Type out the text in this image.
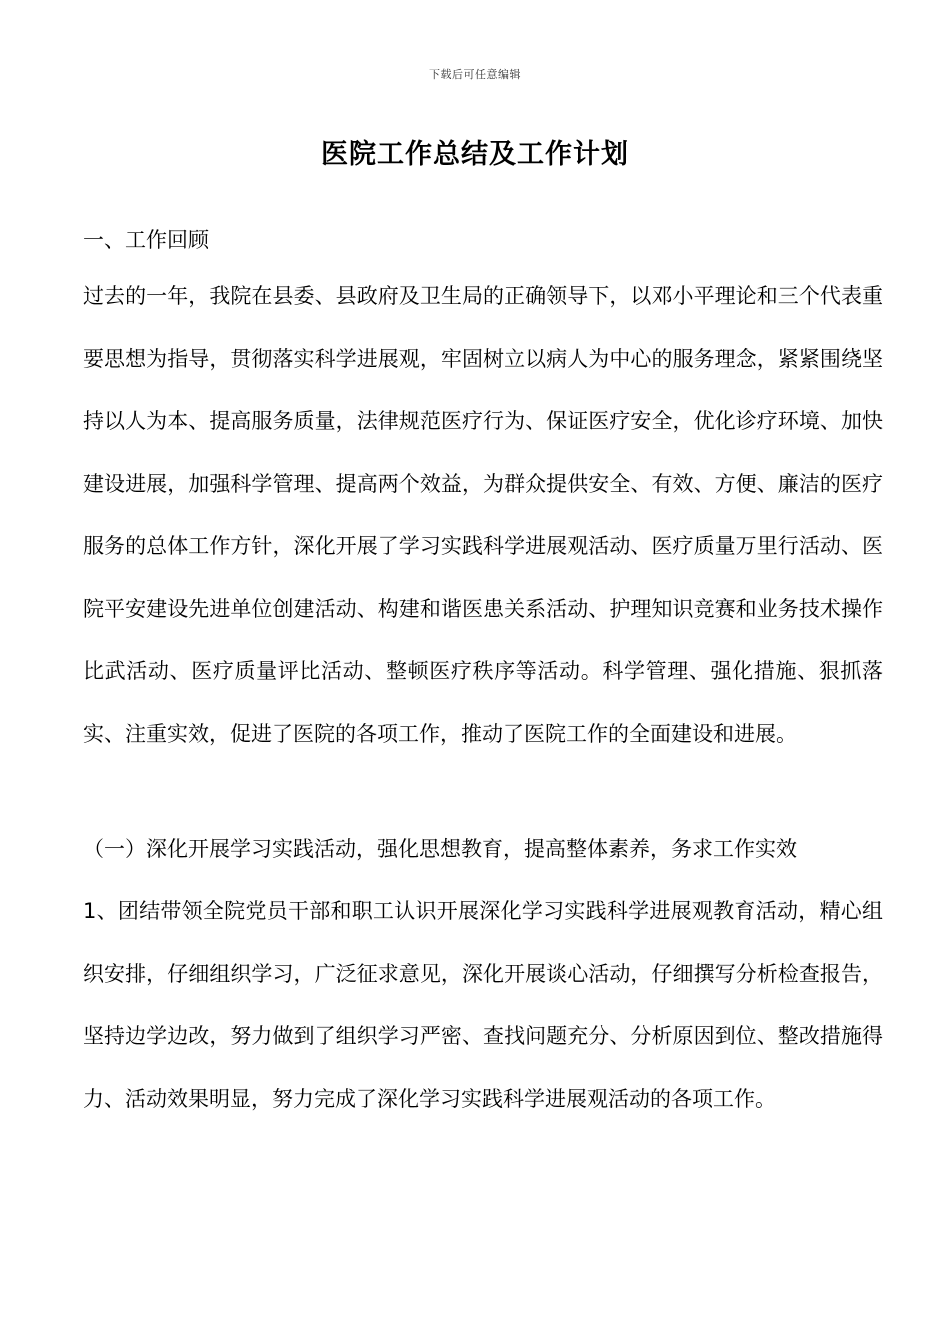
下载后可任意编辑
医院工作总结及工作计划
一、工作回顾
过去的一年，我院在县委、县政府及卫生局的正确领导下，以邓小平理论和三个代表重要思想为指导，贯彻落实科学进展观，牢固树立以病人为中心的服务理念，紧紧围绕坚持以人为本、提高服务质量，法律规范医疗行为、保证医疗安全，优化诊疗环境、加快建设进展，加强科学管理、提高两个效益，为群众提供安全、有效、方便、廉洁的医疗服务的总体工作方针，深化开展了学习实践科学进展观活动、医疗质量万里行活动、医院平安建设先进单位创建活动、构建和谐医患关系活动、护理知识竞赛和业务技术操作比武活动、医疗质量评比活动、整顿医疗秩序等活动。科学管理、强化措施、狠抓落实、注重实效，促进了医院的各项工作，推动了医院工作的全面建设和进展。
（一）深化开展学习实践活动，强化思想教育，提高整体素养，务求工作实效
1、团结带领全院党员干部和职工认识开展深化学习实践科学进展观教育活动，精心组织安排，仔细组织学习，广泛征求意见，深化开展谈心活动，仔细撰写分析检查报告，坚持边学边改，努力做到了组织学习严密、查找问题充分、分析原因到位、整改措施得力、活动效果明显，努力完成了深化学习实践科学进展观活动的各项工作。
